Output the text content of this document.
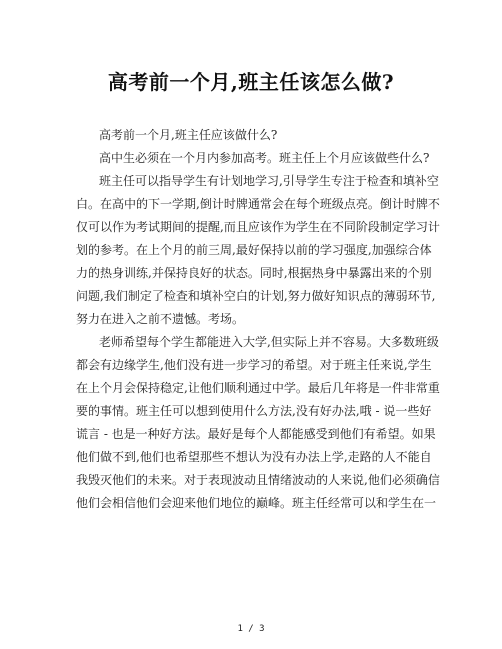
高考前一个月,班主任该怎么做?
高考前一个月,班主任应该做什么?
高中生必须在一个月内参加高考。班主任上个月应该做些什么?
班主任可以指导学生有计划地学习,引导学生专注于检查和填补空
白。在高中的下一学期,倒计时牌通常会在每个班级点亮。倒计时牌不
仅可以作为考试期间的提醒,而且应该作为学生在不同阶段制定学习计
划的参考。在上个月的前三周,最好保持以前的学习强度,加强综合体
力的热身训练,并保持良好的状态。同时,根据热身中暴露出来的个别
问题,我们制定了检查和填补空白的计划,努力做好知识点的薄弱环节,
努力在进入之前不遗憾。考场。
老师希望每个学生都能进入大学,但实际上并不容易。大多数班级
都会有边缘学生,他们没有进一步学习的希望。对于班主任来说,学生
在上个月会保持稳定,让他们顺利通过中学。最后几年将是一件非常重
要的事情。班主任可以想到使用什么方法,没有好办法,哦 - 说一些好
谎言 - 也是一种好方法。最好是每个人都能感受到他们有希望。如果
他们做不到,他们也希望那些不想认为没有办法上学,走路的人不能自
我毁灭他们的未来。对于表现波动且情绪波动的人来说,他们必须确信
他们会相信他们会迎来他们地位的巅峰。班主任经常可以和学生在一
1 / 3
